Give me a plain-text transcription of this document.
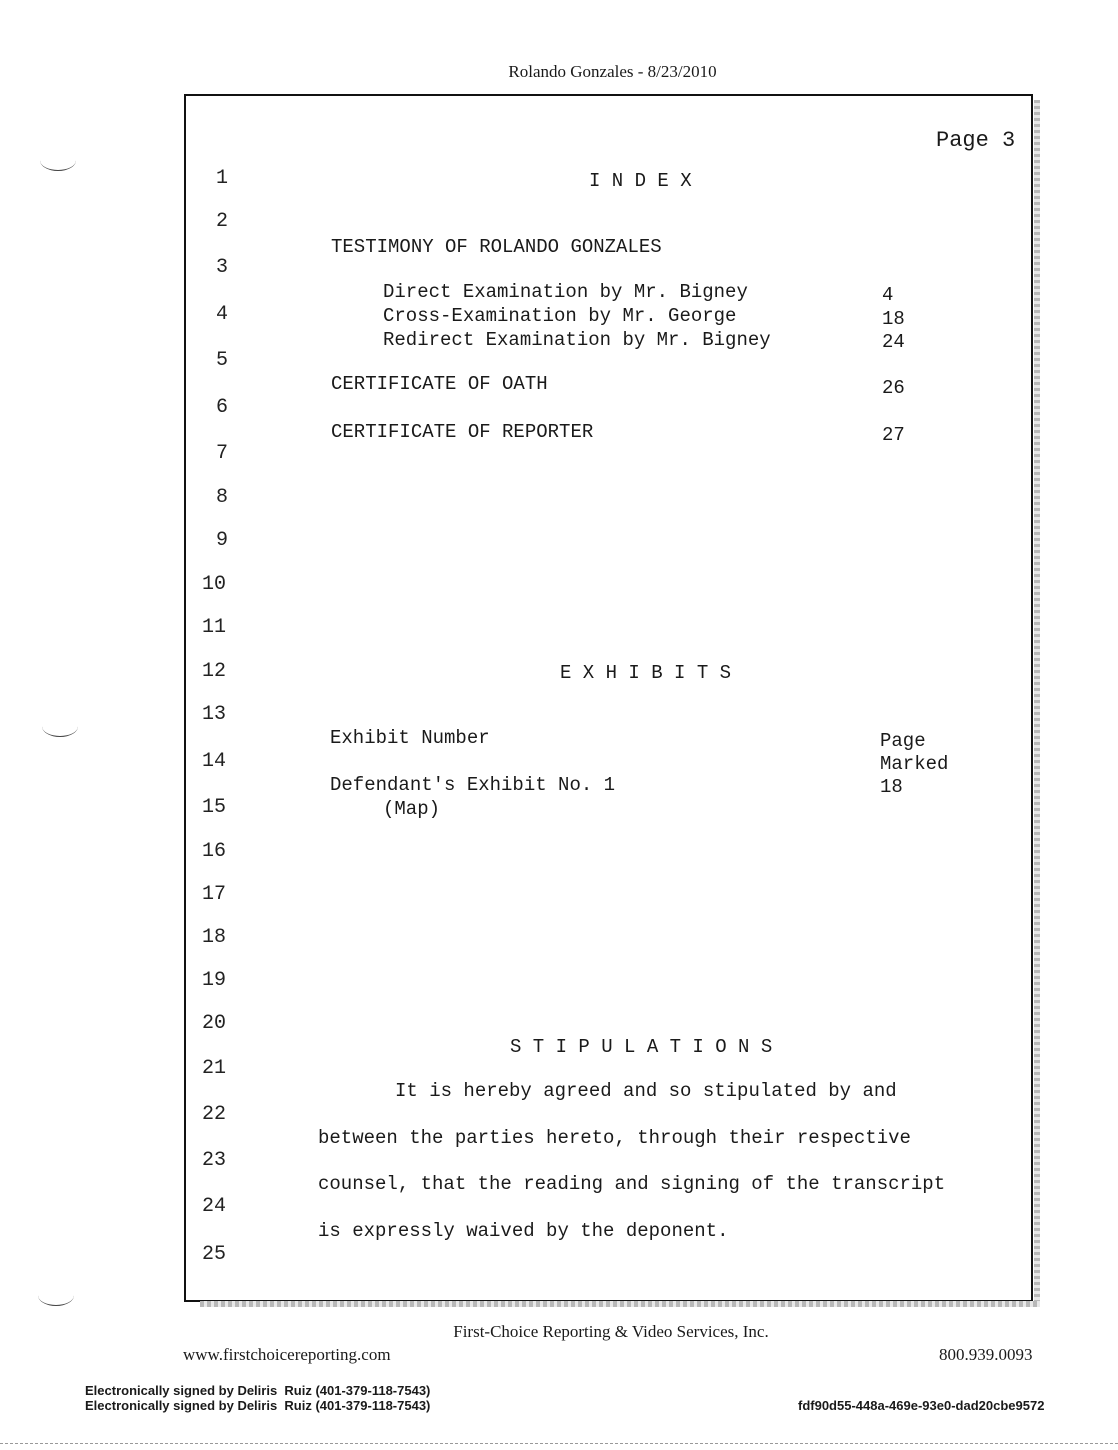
Rolando Gonzales - 8/23/2010
Page 3
1
2
3
4
5
6
7
8
9
10
11
12
13
14
15
16
17
18
19
20
21
22
23
24
25
I N D E X
TESTIMONY OF ROLANDO GONZALES
Direct Examination by Mr. Bigney	4
Cross-Examination by Mr. George	18
Redirect Examination by Mr. Bigney	24
CERTIFICATE OF OATH	26
CERTIFICATE OF REPORTER	27
E X H I B I T S
Exhibit Number	Page
Marked
Defendant's Exhibit No. 1	18
(Map)
S T I P U L A T I O N S
It is hereby agreed and so stipulated by and
between the parties hereto, through their respective
counsel, that the reading and signing of the transcript
is expressly waived by the deponent.
First-Choice Reporting & Video Services, Inc.
www.firstchoicereporting.com	800.939.0093
Electronically signed by Deliris  Ruiz (401-379-118-7543)
Electronically signed by Deliris  Ruiz (401-379-118-7543)	fdf90d55-448a-469e-93e0-dad20cbe9572
